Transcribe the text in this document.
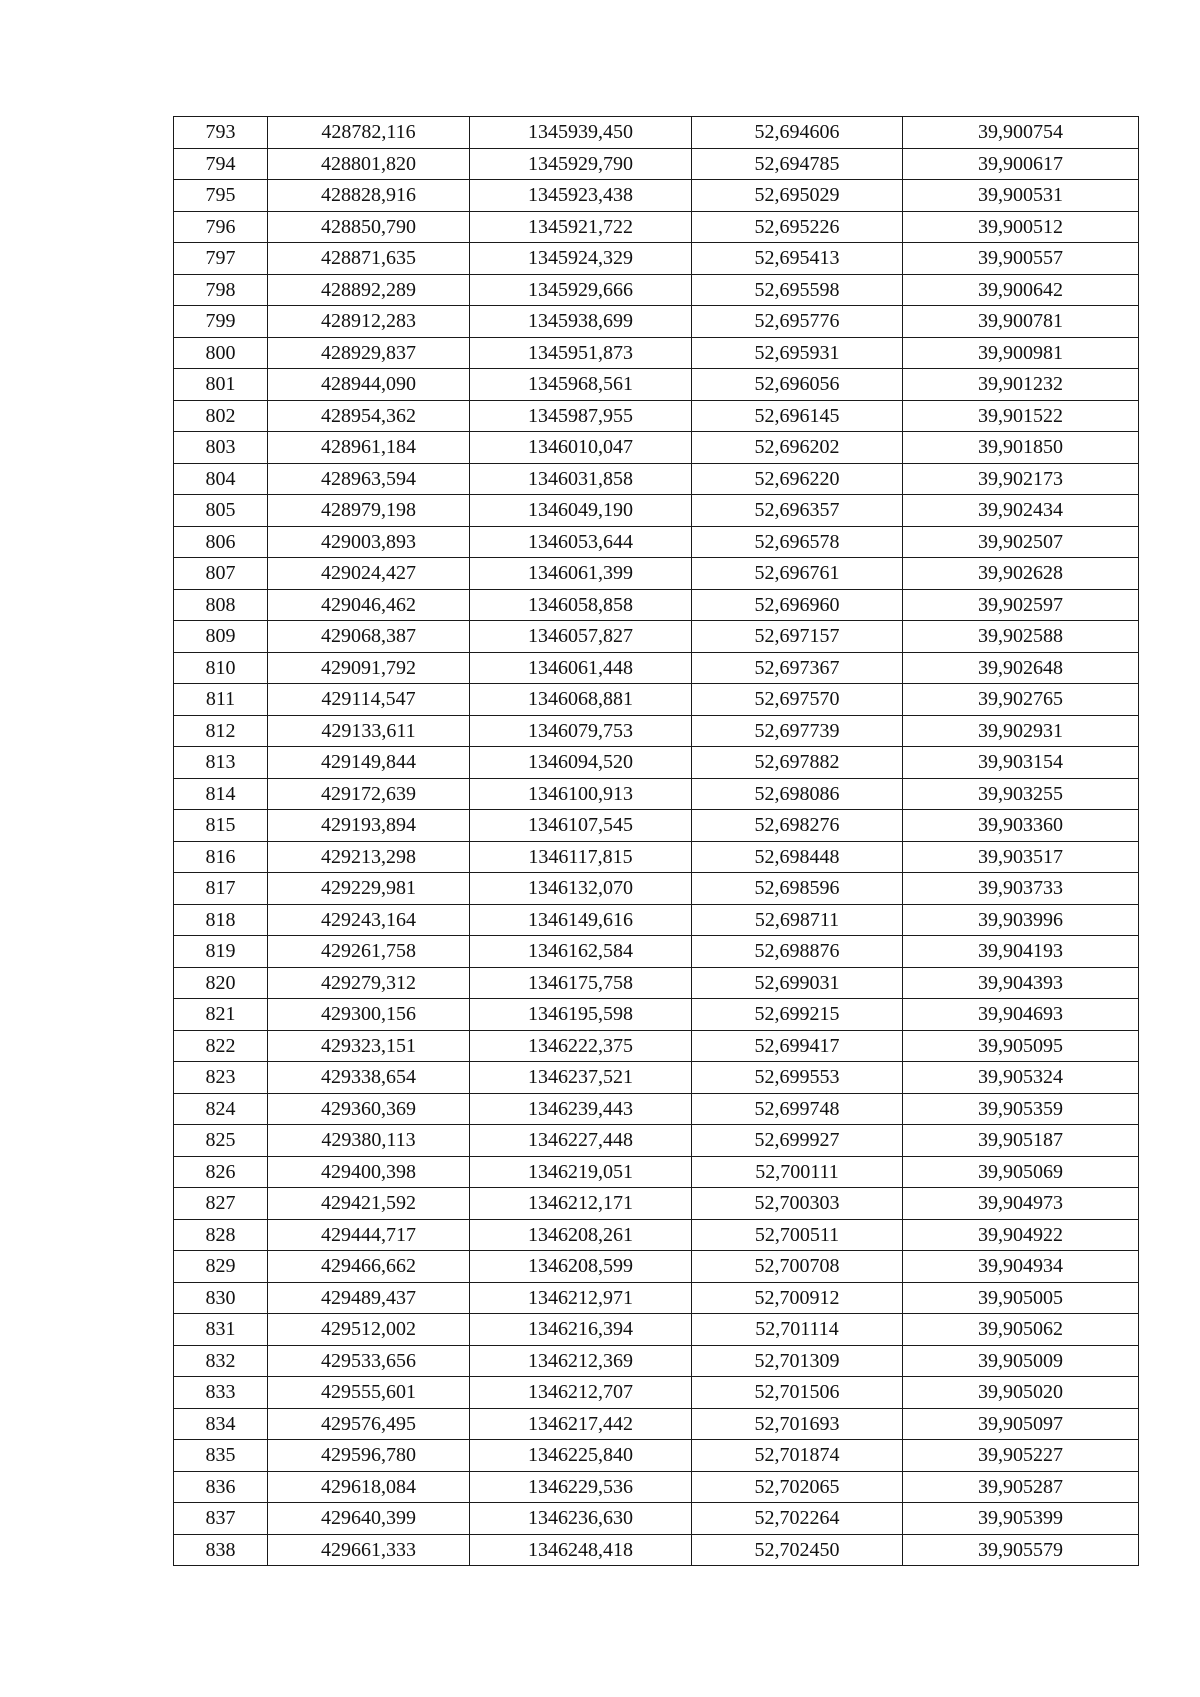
793	428782,116	1345939,450	52,694606	39,900754
794	428801,820	1345929,790	52,694785	39,900617
795	428828,916	1345923,438	52,695029	39,900531
796	428850,790	1345921,722	52,695226	39,900512
797	428871,635	1345924,329	52,695413	39,900557
798	428892,289	1345929,666	52,695598	39,900642
799	428912,283	1345938,699	52,695776	39,900781
800	428929,837	1345951,873	52,695931	39,900981
801	428944,090	1345968,561	52,696056	39,901232
802	428954,362	1345987,955	52,696145	39,901522
803	428961,184	1346010,047	52,696202	39,901850
804	428963,594	1346031,858	52,696220	39,902173
805	428979,198	1346049,190	52,696357	39,902434
806	429003,893	1346053,644	52,696578	39,902507
807	429024,427	1346061,399	52,696761	39,902628
808	429046,462	1346058,858	52,696960	39,902597
809	429068,387	1346057,827	52,697157	39,902588
810	429091,792	1346061,448	52,697367	39,902648
811	429114,547	1346068,881	52,697570	39,902765
812	429133,611	1346079,753	52,697739	39,902931
813	429149,844	1346094,520	52,697882	39,903154
814	429172,639	1346100,913	52,698086	39,903255
815	429193,894	1346107,545	52,698276	39,903360
816	429213,298	1346117,815	52,698448	39,903517
817	429229,981	1346132,070	52,698596	39,903733
818	429243,164	1346149,616	52,698711	39,903996
819	429261,758	1346162,584	52,698876	39,904193
820	429279,312	1346175,758	52,699031	39,904393
821	429300,156	1346195,598	52,699215	39,904693
822	429323,151	1346222,375	52,699417	39,905095
823	429338,654	1346237,521	52,699553	39,905324
824	429360,369	1346239,443	52,699748	39,905359
825	429380,113	1346227,448	52,699927	39,905187
826	429400,398	1346219,051	52,700111	39,905069
827	429421,592	1346212,171	52,700303	39,904973
828	429444,717	1346208,261	52,700511	39,904922
829	429466,662	1346208,599	52,700708	39,904934
830	429489,437	1346212,971	52,700912	39,905005
831	429512,002	1346216,394	52,701114	39,905062
832	429533,656	1346212,369	52,701309	39,905009
833	429555,601	1346212,707	52,701506	39,905020
834	429576,495	1346217,442	52,701693	39,905097
835	429596,780	1346225,840	52,701874	39,905227
836	429618,084	1346229,536	52,702065	39,905287
837	429640,399	1346236,630	52,702264	39,905399
838	429661,333	1346248,418	52,702450	39,905579
